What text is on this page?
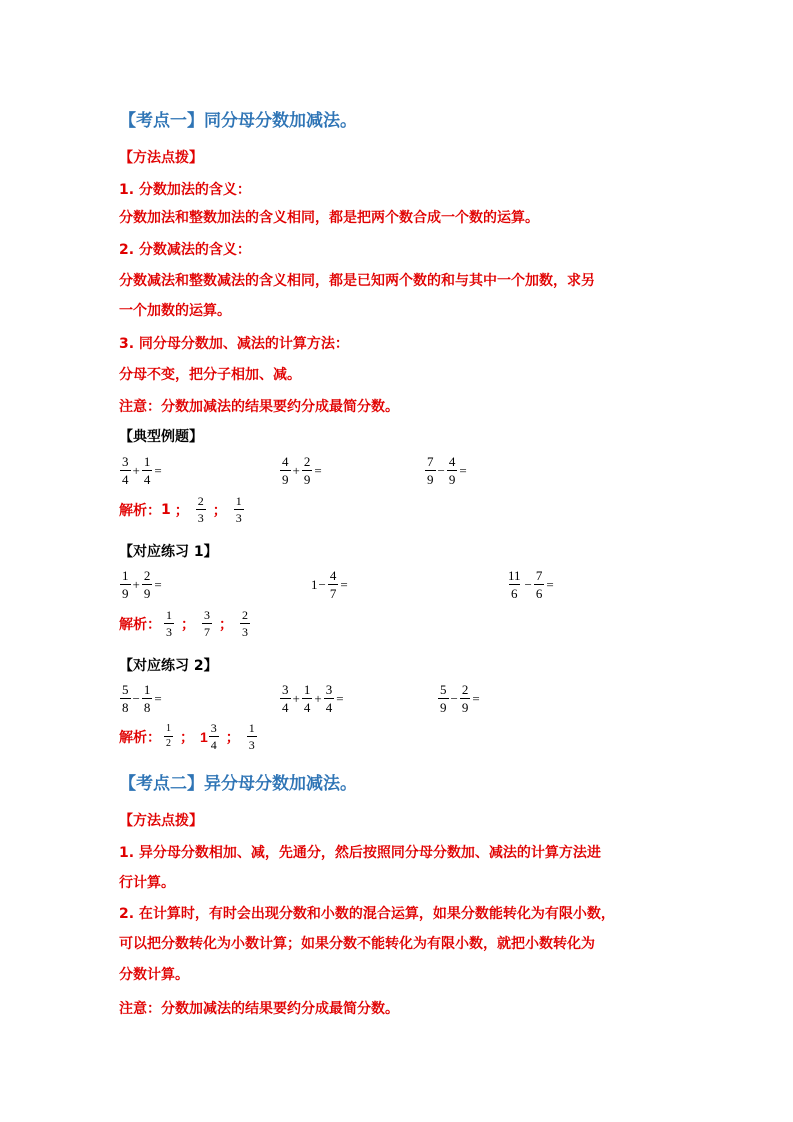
【考点一】同分母分数加减法。
【方法点拨】
1. 分数加法的含义：
分数加法和整数加法的含义相同，都是把两个数合成一个数的运算。
2. 分数减法的含义：
分数减法和整数减法的含义相同，都是已知两个数的和与其中一个加数，求另
一个加数的运算。
3. 同分母分数加、减法的计算方法：
分母不变，把分子相加、减。
注意：分数加减法的结果要约分成最简分数。
【典型例题】
$\frac{3}{4} + \frac{1}{4}$ =	$\frac{4}{9} + \frac{2}{9}$ =	$\frac{7}{9} - \frac{4}{9}$ =
解析： 1 ； $\frac{2}{3}$ ； $\frac{1}{3}$
【对应练习 1】
$\frac{1}{9} + \frac{2}{9}$ =	$1 - \frac{4}{7}$ =	$\frac{11}{6} - \frac{7}{6}$ =
解析： $\frac{1}{3}$ ； $\frac{3}{7}$ ； $\frac{2}{3}$
【对应练习 2】
$\frac{5}{8} - \frac{1}{8}$ =	$\frac{3}{4} + \frac{1}{4} + \frac{3}{4}$ =	$\frac{5}{9} - \frac{2}{9}$ =
解析： $\frac{1}{2}$ ； $1 \frac{3}{4}$ ； $\frac{1}{3}$
【考点二】异分母分数加减法。
【方法点拨】
1. 异分母分数相加、减，先通分，然后按照同分母分数加、减法的计算方法进
行计算。
2. 在计算时，有时会出现分数和小数的混合运算，如果分数能转化为有限小数，
可以把分数转化为小数计算；如果分数不能转化为有限小数，就把小数转化为
分数计算。
注意：分数加减法的结果要约分成最简分数。
